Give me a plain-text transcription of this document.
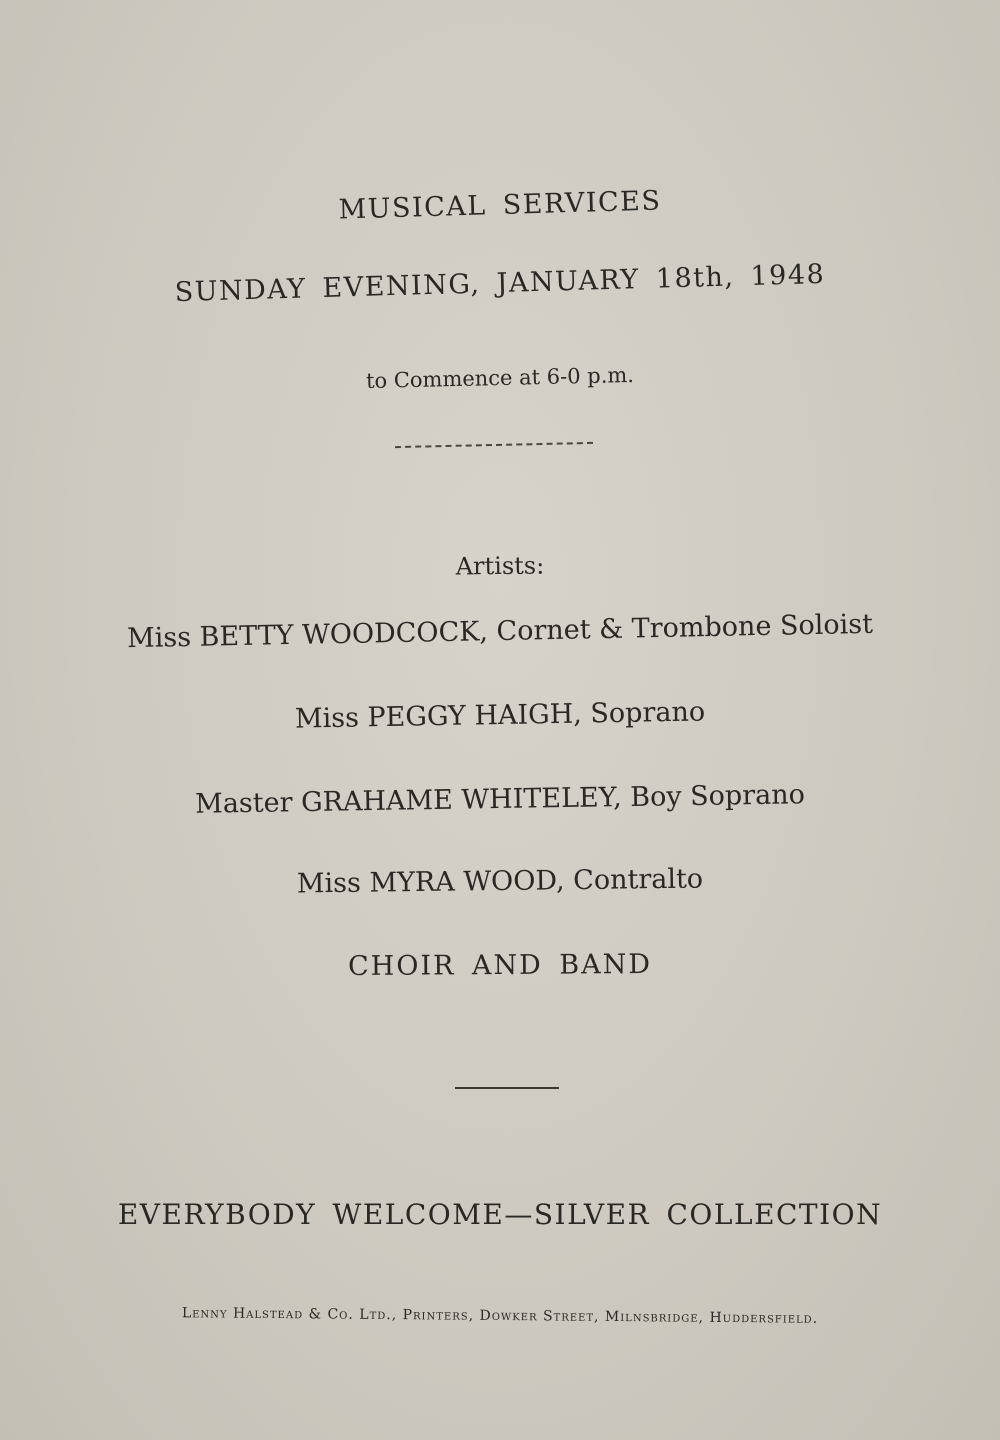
MUSICAL SERVICES
SUNDAY EVENING, JANUARY 18th, 1948
to Commence at 6-0 p.m.
Artists:
Miss BETTY WOODCOCK, Cornet & Trombone Soloist
Miss PEGGY HAIGH, Soprano
Master GRAHAME WHITELEY, Boy Soprano
Miss MYRA WOOD, Contralto
CHOIR AND BAND
EVERYBODY WELCOME—SILVER COLLECTION
Lenny Halstead & Co. Ltd., Printers, Dowker Street, Milnsbridge, Huddersfield.
